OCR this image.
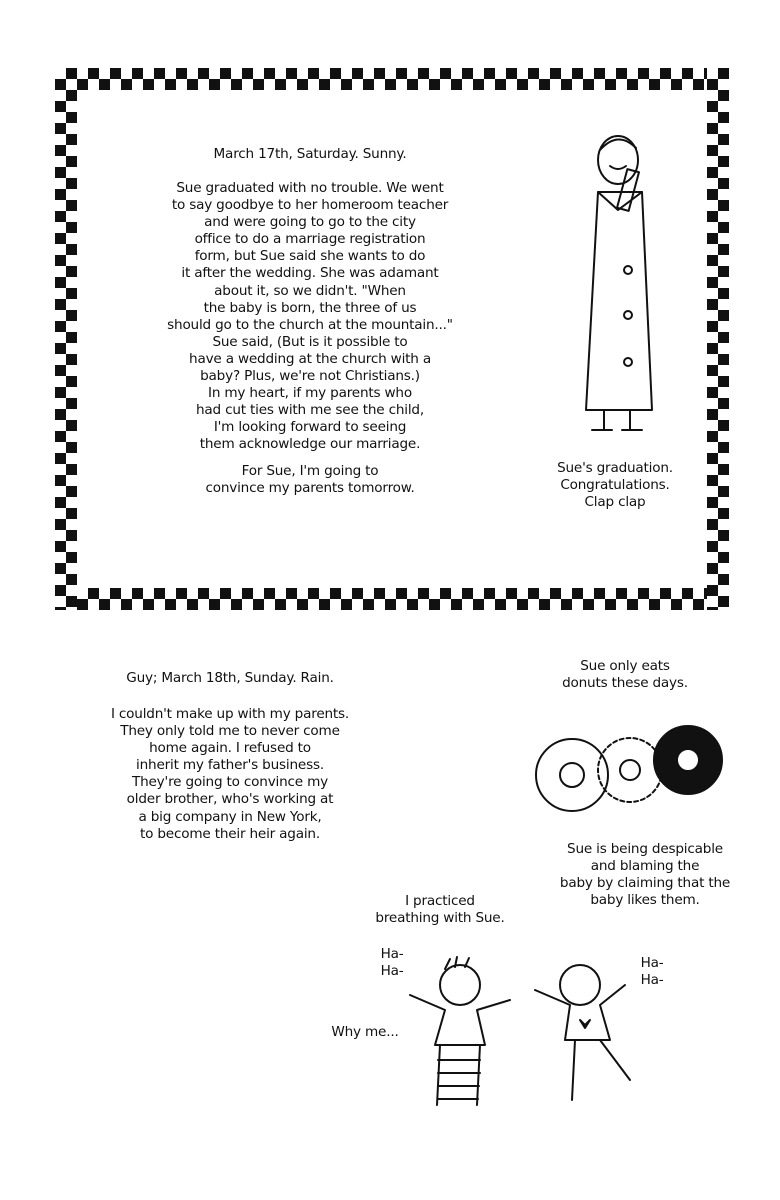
March 17th, Saturday. Sunny.
Sue graduated with no trouble. We went
to say goodbye to her homeroom teacher
and were going to go to the city
office to do a marriage registration
form, but Sue said she wants to do
it after the wedding. She was adamant
about it, so we didn't. "When
the baby is born, the three of us
should go to the church at the mountain..."
Sue said, (But is it possible to
have a wedding at the church with a
baby? Plus, we're not Christians.)
In my heart, if my parents who
had cut ties with me see the child,
I'm looking forward to seeing
them acknowledge our marriage.
For Sue, I'm going to
convince my parents tomorrow.
Sue's graduation.
Congratulations.
Clap clap
Guy; March 18th, Sunday. Rain.
I couldn't make up with my parents.
They only told me to never come
home again. I refused to
inherit my father's business.
They're going to convince my
older brother, who's working at
a big company in New York,
to become their heir again.
Sue only eats
donuts these days.
Sue is being despicable
and blaming the
baby by claiming that the
baby likes them.
I practiced
breathing with Sue.
Ha-
Ha-
Ha-
Ha-
Why me...
